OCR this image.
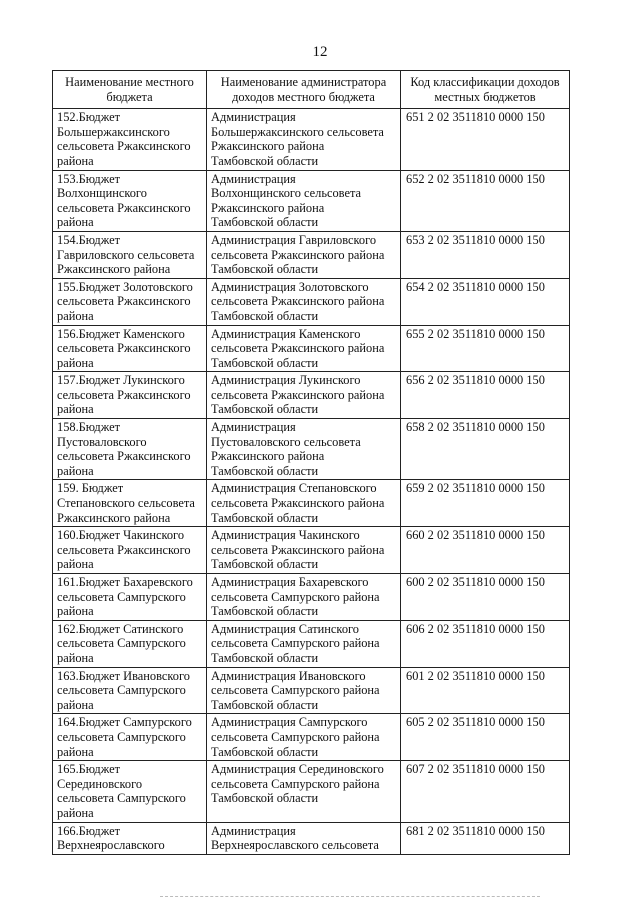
12
Наименование местного бюджета	Наименование администратора доходов местного бюджета	Код классификации доходов местных бюджетов

152.Бюджет
Большержаксинского
сельсовета Ржаксинского
района	Администрация
Большержаксинского сельсовета
Ржаксинского района
Тамбовской области	651 2 02 3511810 0000 150

153.Бюджет
Волхонщинского
сельсовета Ржаксинского
района	Администрация
Волхонщинского сельсовета
Ржаксинского района
Тамбовской области	652 2 02 3511810 0000 150

154.Бюджет
Гавриловского сельсовета
Ржаксинского района	Администрация Гавриловского
сельсовета Ржаксинского района
Тамбовской области	653 2 02 3511810 0000 150

155.Бюджет Золотовского
сельсовета Ржаксинского
района	Администрация Золотовского
сельсовета Ржаксинского района
Тамбовской области	654 2 02 3511810 0000 150

156.Бюджет Каменского
сельсовета Ржаксинского
района	Администрация Каменского
сельсовета Ржаксинского района
Тамбовской области	655 2 02 3511810 0000 150

157.Бюджет Лукинского
сельсовета Ржаксинского
района	Администрация Лукинского
сельсовета Ржаксинского района
Тамбовской области	656 2 02 3511810 0000 150

158.Бюджет
Пустоваловского
сельсовета Ржаксинского
района	Администрация
Пустоваловского сельсовета
Ржаксинского района
Тамбовской области	658 2 02 3511810 0000 150

159. Бюджет
Степановского сельсовета
Ржаксинского района	Администрация Степановского
сельсовета Ржаксинского района
Тамбовской области	659 2 02 3511810 0000 150

160.Бюджет Чакинского
сельсовета Ржаксинского
района	Администрация Чакинского
сельсовета Ржаксинского района
Тамбовской области	660 2 02 3511810 0000 150

161.Бюджет Бахаревского
сельсовета Сампурского
района	Администрация Бахаревского
сельсовета Сампурского района
Тамбовской области	600 2 02 3511810 0000 150

162.Бюджет Сатинского
сельсовета Сампурского
района	Администрация Сатинского
сельсовета Сампурского района
Тамбовской области	606 2 02 3511810 0000 150

163.Бюджет Ивановского
сельсовета Сампурского
района	Администрация Ивановского
сельсовета Сампурского района
Тамбовской области	601 2 02 3511810 0000 150

164.Бюджет Сампурского
сельсовета Сампурского
района	Администрация Сампурского
сельсовета Сампурского района
Тамбовской области	605 2 02 3511810 0000 150

165.Бюджет
Серединовского
сельсовета Сампурского
района	Администрация Серединовского
сельсовета Сампурского района
Тамбовской области	607 2 02 3511810 0000 150

166.Бюджет
Верхнеярославского	Администрация
Верхнеярославского сельсовета	681 2 02 3511810 0000 150
